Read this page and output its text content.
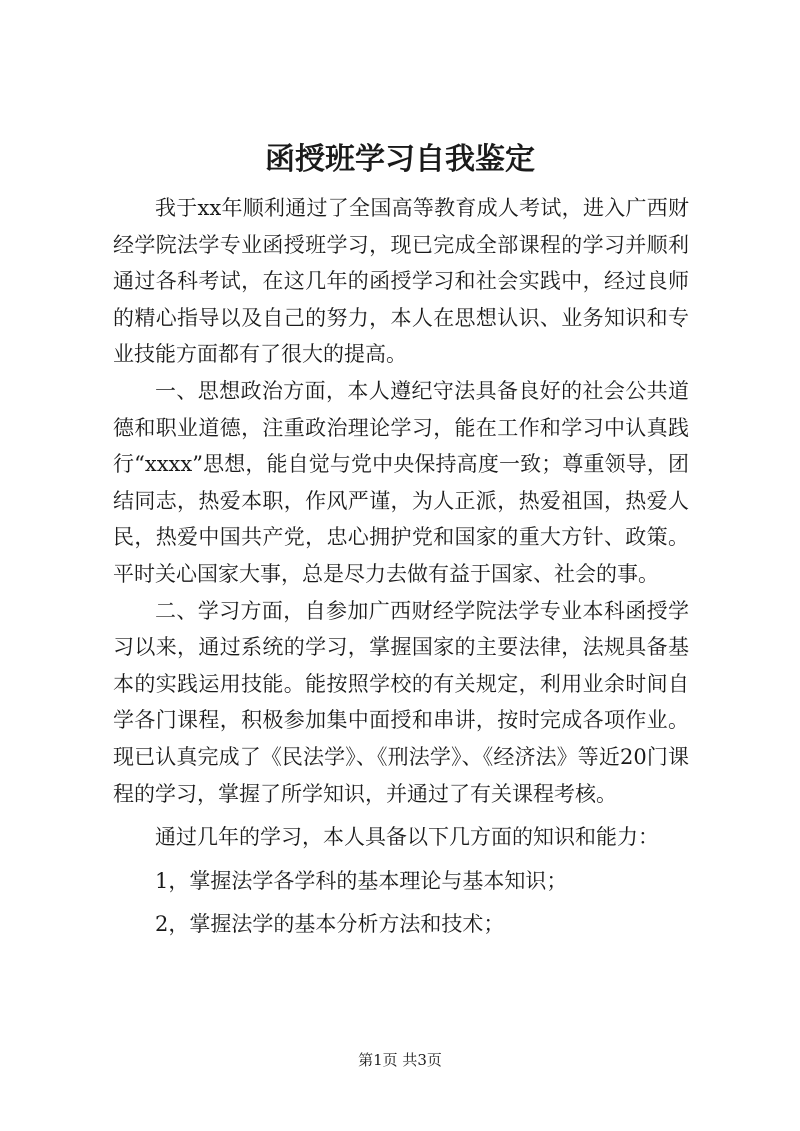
函授班学习自我鉴定

我于xx年顺利通过了全国高等教育成人考试，进入广西财经学院法学专业函授班学习，现已完成全部课程的学习并顺利通过各科考试，在这几年的函授学习和社会实践中，经过良师的精心指导以及自己的努力，本人在思想认识、业务知识和专业技能方面都有了很大的提高。

一、思想政治方面，本人遵纪守法具备良好的社会公共道德和职业道德，注重政治理论学习，能在工作和学习中认真践行“xxxx”思想，能自觉与党中央保持高度一致；尊重领导，团结同志，热爱本职，作风严谨，为人正派，热爱祖国，热爱人民，热爱中国共产党，忠心拥护党和国家的重大方针、政策。平时关心国家大事，总是尽力去做有益于国家、社会的事。

二、学习方面，自参加广西财经学院法学专业本科函授学习以来，通过系统的学习，掌握国家的主要法律，法规具备基本的实践运用技能。能按照学校的有关规定，利用业余时间自学各门课程，积极参加集中面授和串讲，按时完成各项作业。现已认真完成了《民法学》、《刑法学》、《经济法》等近20门课程的学习，掌握了所学知识，并通过了有关课程考核。

通过几年的学习，本人具备以下几方面的知识和能力：

1，掌握法学各学科的基本理论与基本知识；

2，掌握法学的基本分析方法和技术；

第1页 共3页
